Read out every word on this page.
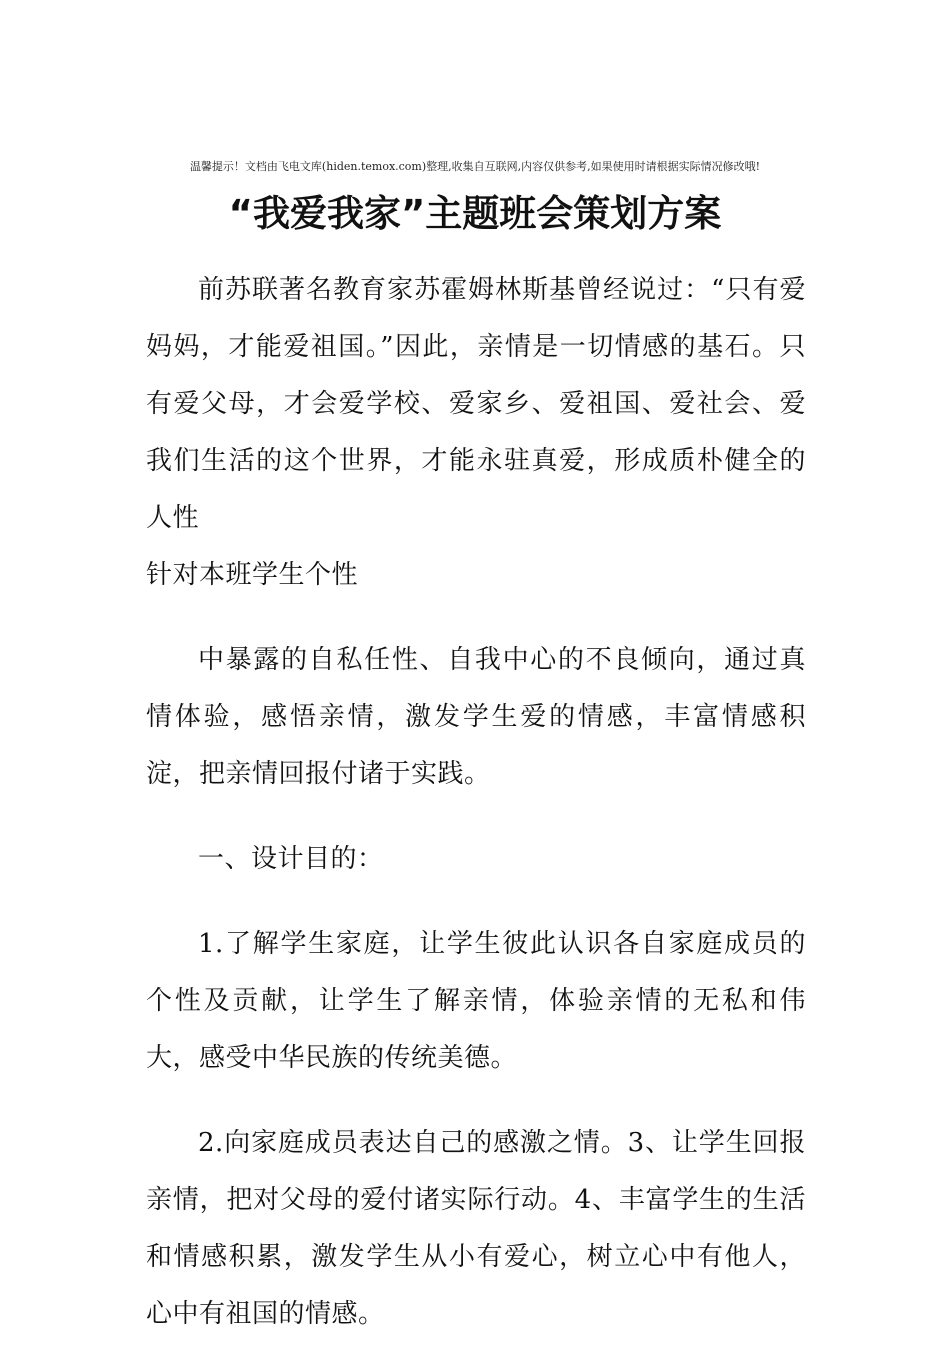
温馨提示！文档由飞电文库(hiden.temox.com)整理,收集自互联网,内容仅供参考,如果使用时请根据实际情况修改哦!
“我爱我家”主题班会策划方案

前苏联著名教育家苏霍姆林斯基曾经说过：“只有爱妈妈，才能爱祖国。”因此，亲情是一切情感的基石。只有爱父母，才会爱学校、爱家乡、爱祖国、爱社会、爱我们生活的这个世界，才能永驻真爱，形成质朴健全的人性

针对本班学生个性

中暴露的自私任性、自我中心的不良倾向，通过真情体验，感悟亲情，激发学生爱的情感，丰富情感积淀，把亲情回报付诸于实践。

一、设计目的：

1.了解学生家庭，让学生彼此认识各自家庭成员的个性及贡献，让学生了解亲情，体验亲情的无私和伟大，感受中华民族的传统美德。

2.向家庭成员表达自己的感激之情。3、让学生回报亲情，把对父母的爱付诸实际行动。4、丰富学生的生活和情感积累，激发学生从小有爱心，树立心中有他人，心中有祖国的情感。
